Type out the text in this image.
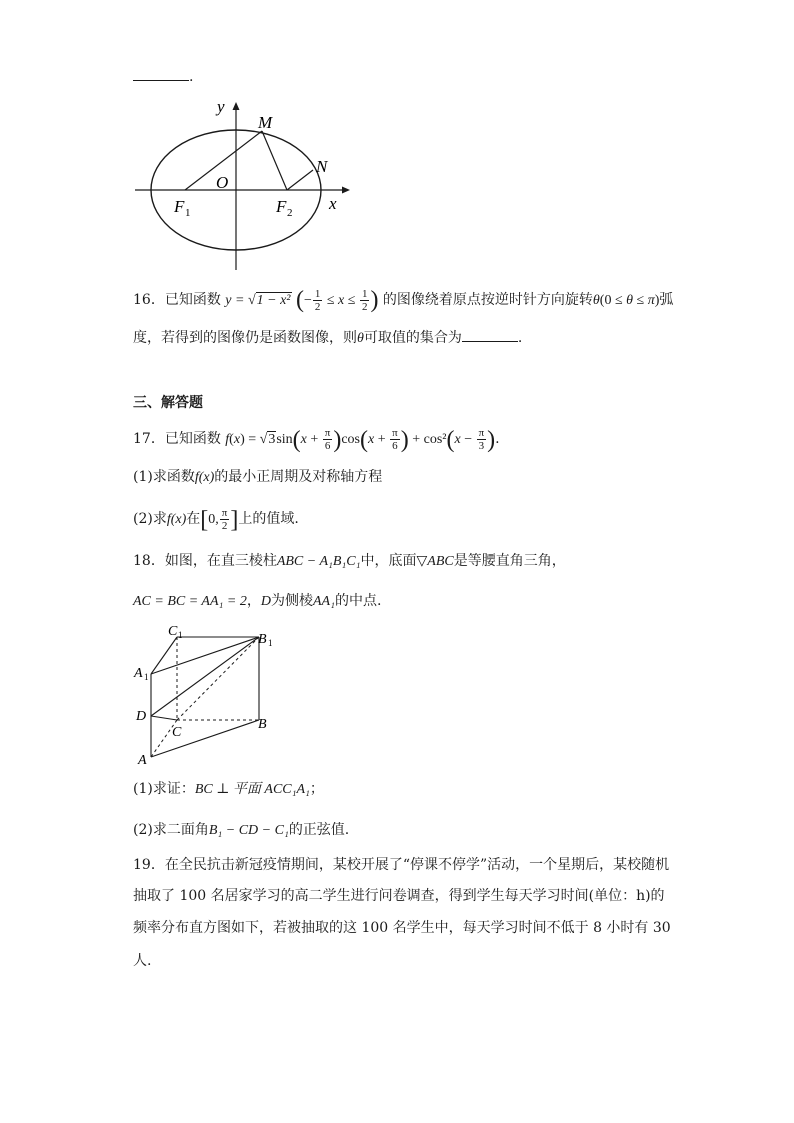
.
y
M
N
O
x
F 1	F 2
16．已知函数 y = √1 − x² (− $\frac{1}{2} \le x \le \frac{1}{2}$ ) 的图像绕着原点按逆时针方向旋转θ(0 ≤ θ ≤ π)弧
度，若得到的图像仍是函数图像，则θ可取值的集合为	.
三、解答题
17．已知函数 $f(x) = √3\sin(x + \frac{\pi}{6} )\cos(x + \frac{\pi}{6}$ ) + $\cos^2(x - \frac{\pi}{3}$ ).
(1)求函数f(x)的最小正周期及对称轴方程
(2)求f(x)在[0, $\frac{\pi}{2}$ ]上的值域.
18．如图，在直三棱柱ABC − A₁B₁C₁中，底面▽ABC是等腰直角三角，
AC = BC = AA₁ = 2，D为侧棱AA₁的中点.
C 1	B 1
A 1
D
C
B
A
(1)求证：BC ⊥ 平面 ACC₁A₁；
(2)求二面角B₁ − CD − C₁的正弦值.
19．在全民抗击新冠疫情期间，某校开展了“停课不停学”活动，一个星期后，某校随机
抽取了 100 名居家学习的高二学生进行问卷调查，得到学生每天学习时间(单位：h)的
频率分布直方图如下，若被抽取的这 100 名学生中，每天学习时间不低于 8 小时有 30
人.
